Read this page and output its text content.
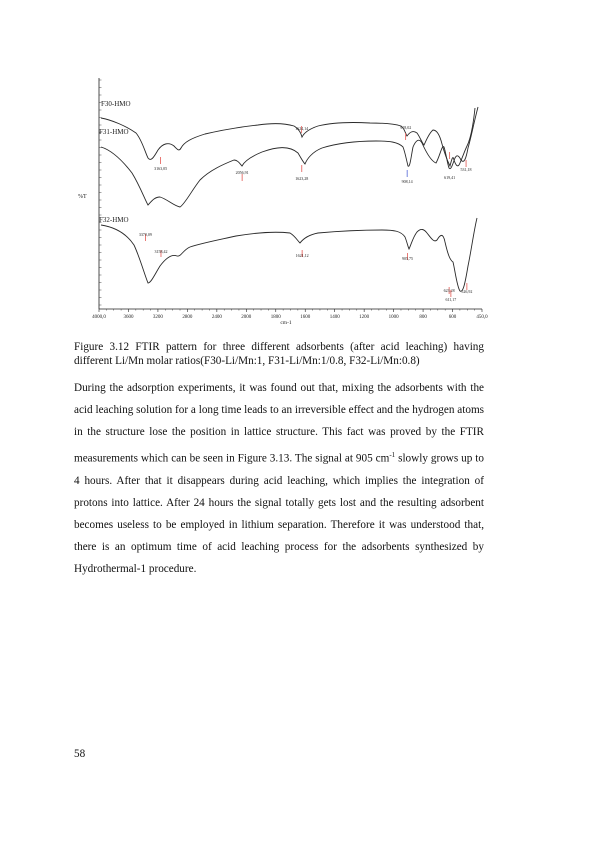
4000,0	3600	3200	2800	2400	2000	1800	1600	1400	1200	1000	800	600	450,0
%T
cm-1
F30-HMO
F31-HMO
F32-HMO
3163,05
1624,14	918,02
619,41
531,18
2056,91
1623,28
908,14
3370,09
3158,42
1621,12
905,75
623,28 526,92
611,17
Figure 3.12 FTIR pattern for three different adsorbents (after acid leaching) having different Li/Mn molar ratios(F30-Li/Mn:1, F31-Li/Mn:1/0.8, F32-Li/Mn:0.8)

During the adsorption experiments, it was found out that, mixing the adsorbents with the acid leaching solution for a long time leads to an irreversible effect and the hydrogen atoms in the structure lose the position in lattice structure. This fact was proved by the FTIR measurements which can be seen in Figure 3.13. The signal at 905 $cm^{-1}$ slowly grows up to 4 hours. After that it disappears during acid leaching, which implies the integration of protons into lattice. After 24 hours the signal totally gets lost and the resulting adsorbent becomes useless to be employed in lithium separation. Therefore it was understood that, there is an optimum time of acid leaching process for the adsorbents synthesized by Hydrothermal-1 procedure.

58
